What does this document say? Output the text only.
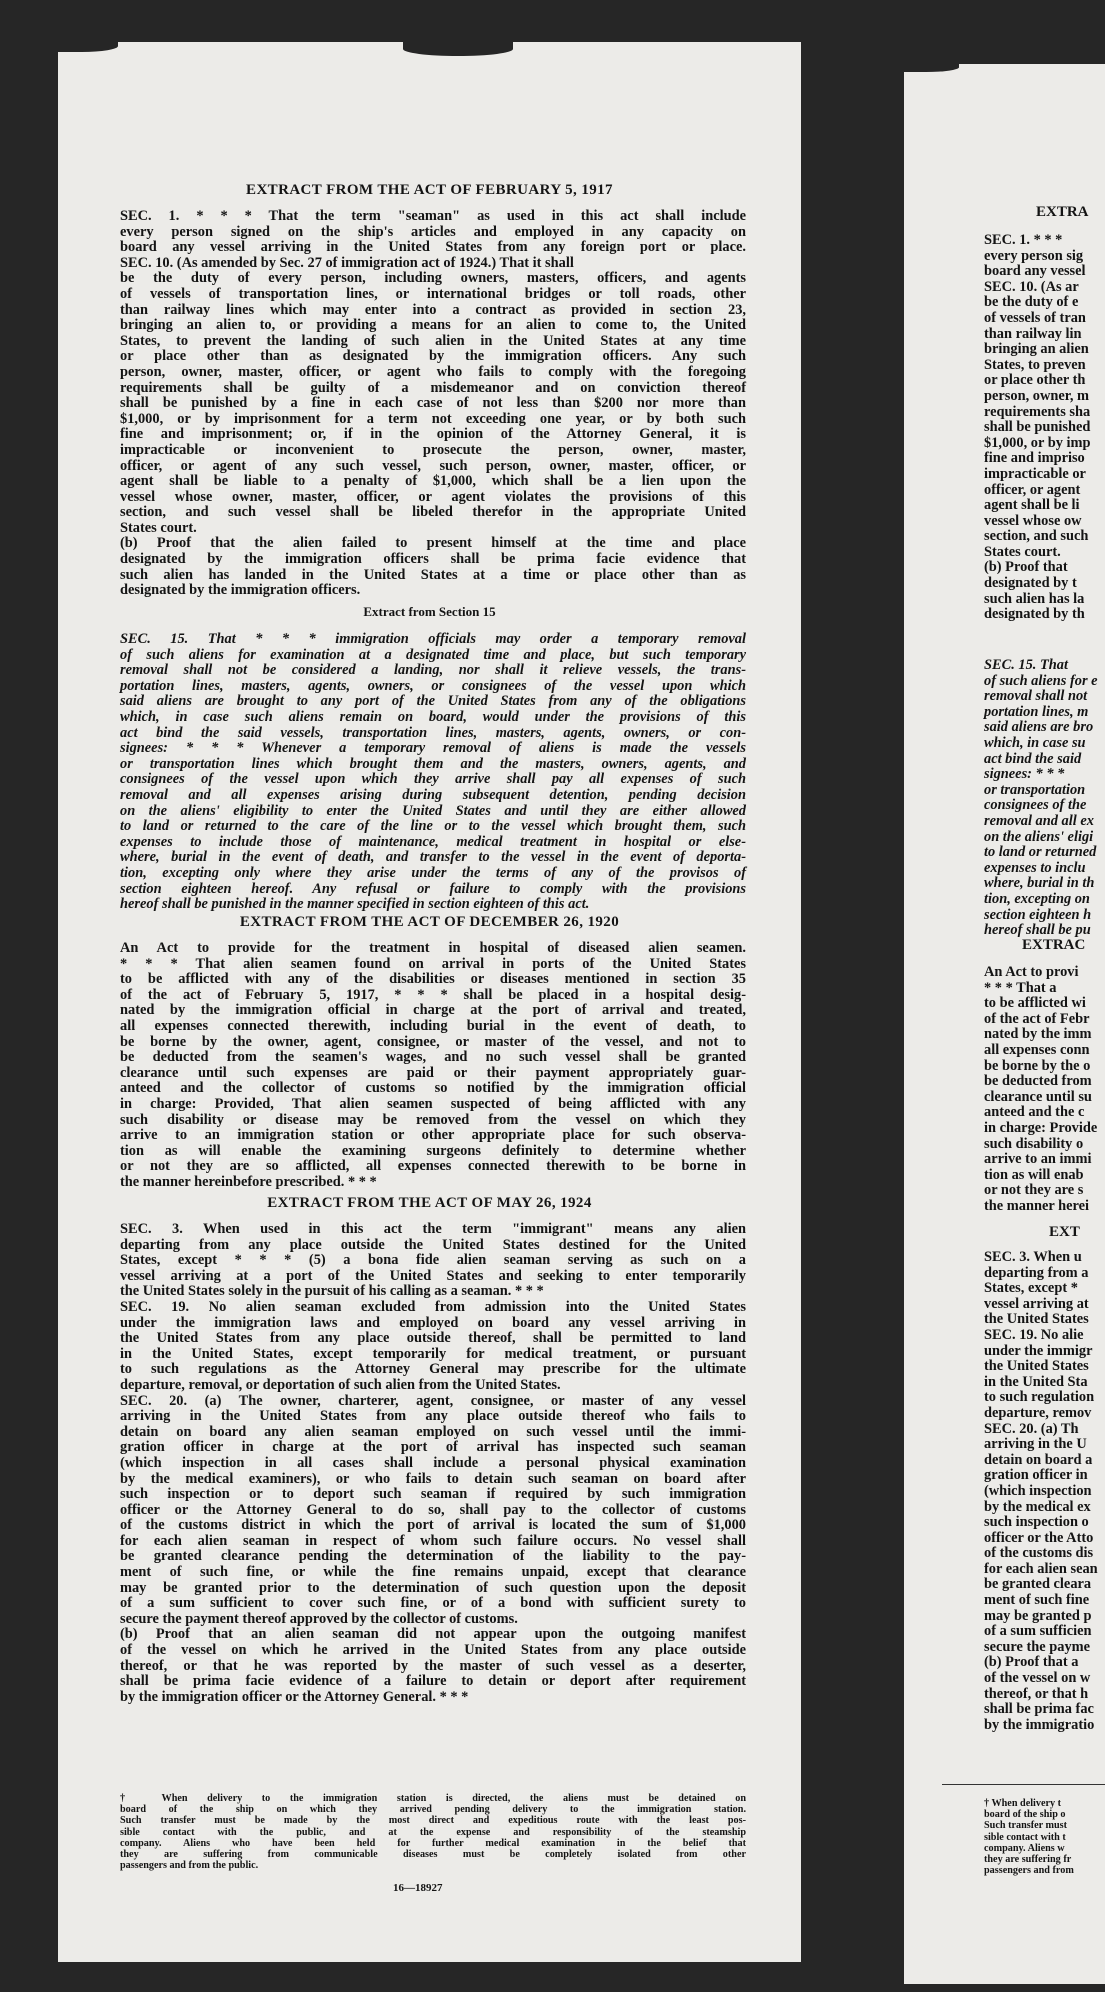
EXTRACT FROM THE ACT OF FEBRUARY 5, 1917
SEC. 1. * * * That the term "seaman" as used in this act shall include
every person signed on the ship's articles and employed in any capacity on
board any vessel arriving in the United States from any foreign port or place.
SEC. 10. (As amended by Sec. 27 of immigration act of 1924.) That it shall
be the duty of every person, including owners, masters, officers, and agents
of vessels of transportation lines, or international bridges or toll roads, other
than railway lines which may enter into a contract as provided in section 23,
bringing an alien to, or providing a means for an alien to come to, the United
States, to prevent the landing of such alien in the United States at any time
or place other than as designated by the immigration officers. Any such
person, owner, master, officer, or agent who fails to comply with the foregoing
requirements shall be guilty of a misdemeanor and on conviction thereof
shall be punished by a fine in each case of not less than $200 nor more than
$1,000, or by imprisonment for a term not exceeding one year, or by both such
fine and imprisonment; or, if in the opinion of the Attorney General, it is
impracticable or inconvenient to prosecute the person, owner, master,
officer, or agent of any such vessel, such person, owner, master, officer, or
agent shall be liable to a penalty of $1,000, which shall be a lien upon the
vessel whose owner, master, officer, or agent violates the provisions of this
section, and such vessel shall be libeled therefor in the appropriate United
States court.
(b) Proof that the alien failed to present himself at the time and place
designated by the immigration officers shall be prima facie evidence that
such alien has landed in the United States at a time or place other than as
designated by the immigration officers.
Extract from Section 15
SEC. 15. That * * * immigration officials may order a temporary removal
of such aliens for examination at a designated time and place, but such temporary
removal shall not be considered a landing, nor shall it relieve vessels, the trans-
portation lines, masters, agents, owners, or consignees of the vessel upon which
said aliens are brought to any port of the United States from any of the obligations
which, in case such aliens remain on board, would under the provisions of this
act bind the said vessels, transportation lines, masters, agents, owners, or con-
signees: * * * Whenever a temporary removal of aliens is made the vessels
or transportation lines which brought them and the masters, owners, agents, and
consignees of the vessel upon which they arrive shall pay all expenses of such
removal and all expenses arising during subsequent detention, pending decision
on the aliens' eligibility to enter the United States and until they are either allowed
to land or returned to the care of the line or to the vessel which brought them, such
expenses to include those of maintenance, medical treatment in hospital or else-
where, burial in the event of death, and transfer to the vessel in the event of deporta-
tion, excepting only where they arise under the terms of any of the provisos of
section eighteen hereof. Any refusal or failure to comply with the provisions
hereof shall be punished in the manner specified in section eighteen of this act.
EXTRACT FROM THE ACT OF DECEMBER 26, 1920
An Act to provide for the treatment in hospital of diseased alien seamen.
* * * That alien seamen found on arrival in ports of the United States
to be afflicted with any of the disabilities or diseases mentioned in section 35
of the act of February 5, 1917, * * * shall be placed in a hospital desig-
nated by the immigration official in charge at the port of arrival and treated,
all expenses connected therewith, including burial in the event of death, to
be borne by the owner, agent, consignee, or master of the vessel, and not to
be deducted from the seamen's wages, and no such vessel shall be granted
clearance until such expenses are paid or their payment appropriately guar-
anteed and the collector of customs so notified by the immigration official
in charge: Provided, That alien seamen suspected of being afflicted with any
such disability or disease may be removed from the vessel on which they
arrive to an immigration station or other appropriate place for such observa-
tion as will enable the examining surgeons definitely to determine whether
or not they are so afflicted, all expenses connected therewith to be borne in
the manner hereinbefore prescribed. * * *
EXTRACT FROM THE ACT OF MAY 26, 1924
SEC. 3. When used in this act the term "immigrant" means any alien
departing from any place outside the United States destined for the United
States, except * * * (5) a bona fide alien seaman serving as such on a
vessel arriving at a port of the United States and seeking to enter temporarily
the United States solely in the pursuit of his calling as a seaman. * * *
SEC. 19. No alien seaman excluded from admission into the United States
under the immigration laws and employed on board any vessel arriving in
the United States from any place outside thereof, shall be permitted to land
in the United States, except temporarily for medical treatment, or pursuant
to such regulations as the Attorney General may prescribe for the ultimate
departure, removal, or deportation of such alien from the United States.
SEC. 20. (a) The owner, charterer, agent, consignee, or master of any vessel
arriving in the United States from any place outside thereof who fails to
detain on board any alien seaman employed on such vessel until the immi-
gration officer in charge at the port of arrival has inspected such seaman
(which inspection in all cases shall include a personal physical examination
by the medical examiners), or who fails to detain such seaman on board after
such inspection or to deport such seaman if required by such immigration
officer or the Attorney General to do so, shall pay to the collector of customs
of the customs district in which the port of arrival is located the sum of $1,000
for each alien seaman in respect of whom such failure occurs. No vessel shall
be granted clearance pending the determination of the liability to the pay-
ment of such fine, or while the fine remains unpaid, except that clearance
may be granted prior to the determination of such question upon the deposit
of a sum sufficient to cover such fine, or of a bond with sufficient surety to
secure the payment thereof approved by the collector of customs.
(b) Proof that an alien seaman did not appear upon the outgoing manifest
of the vessel on which he arrived in the United States from any place outside
thereof, or that he was reported by the master of such vessel as a deserter,
shall be prima facie evidence of a failure to detain or deport after requirement
by the immigration officer or the Attorney General. * * *
† When delivery to the immigration station is directed, the aliens must be detained on
board of the ship on which they arrived pending delivery to the immigration station.
Such transfer must be made by the most direct and expeditious route with the least pos-
sible contact with the public, and at the expense and responsibility of the steamship
company. Aliens who have been held for further medical examination in the belief that
they are suffering from communicable diseases must be completely isolated from other
passengers and from the public.
16—18927
EXTRA
SEC. 1. * * *
every person sig
board any vessel
SEC. 10. (As ar
be the duty of e
of vessels of tran
than railway lin
bringing an alien
States, to preven
or place other th
person, owner, m
requirements sha
shall be punished
$1,000, or by imp
fine and impriso
impracticable or
officer, or agent
agent shall be li
vessel whose ow
section, and such
States court.
(b) Proof that
designated by t
such alien has la
designated by th
SEC. 15. That
of such aliens for e
removal shall not
portation lines, m
said aliens are bro
which, in case su
act bind the said
signees: * * *
or transportation
consignees of the
removal and all ex
on the aliens' eligi
to land or returned
expenses to inclu
where, burial in th
tion, excepting on
section eighteen h
hereof shall be pu
EXTRAC
An Act to provi
* * * That a
to be afflicted wi
of the act of Febr
nated by the imm
all expenses conn
be borne by the o
be deducted from
clearance until su
anteed and the c
in charge: Provide
such disability o
arrive to an immi
tion as will enab
or not they are s
the manner herei
EXT
SEC. 3. When u
departing from a
States, except *
vessel arriving at
the United States
SEC. 19. No alie
under the immigr
the United States
in the United Sta
to such regulation
departure, remov
SEC. 20. (a) Th
arriving in the U
detain on board a
gration officer in
(which inspection
by the medical ex
such inspection o
officer or the Atto
of the customs dis
for each alien sean
be granted cleara
ment of such fine
may be granted p
of a sum sufficien
secure the payme
(b) Proof that a
of the vessel on w
thereof, or that h
shall be prima fac
by the immigratio
† When delivery t
board of the ship o
Such transfer must
sible contact with t
company. Aliens w
they are suffering fr
passengers and from
